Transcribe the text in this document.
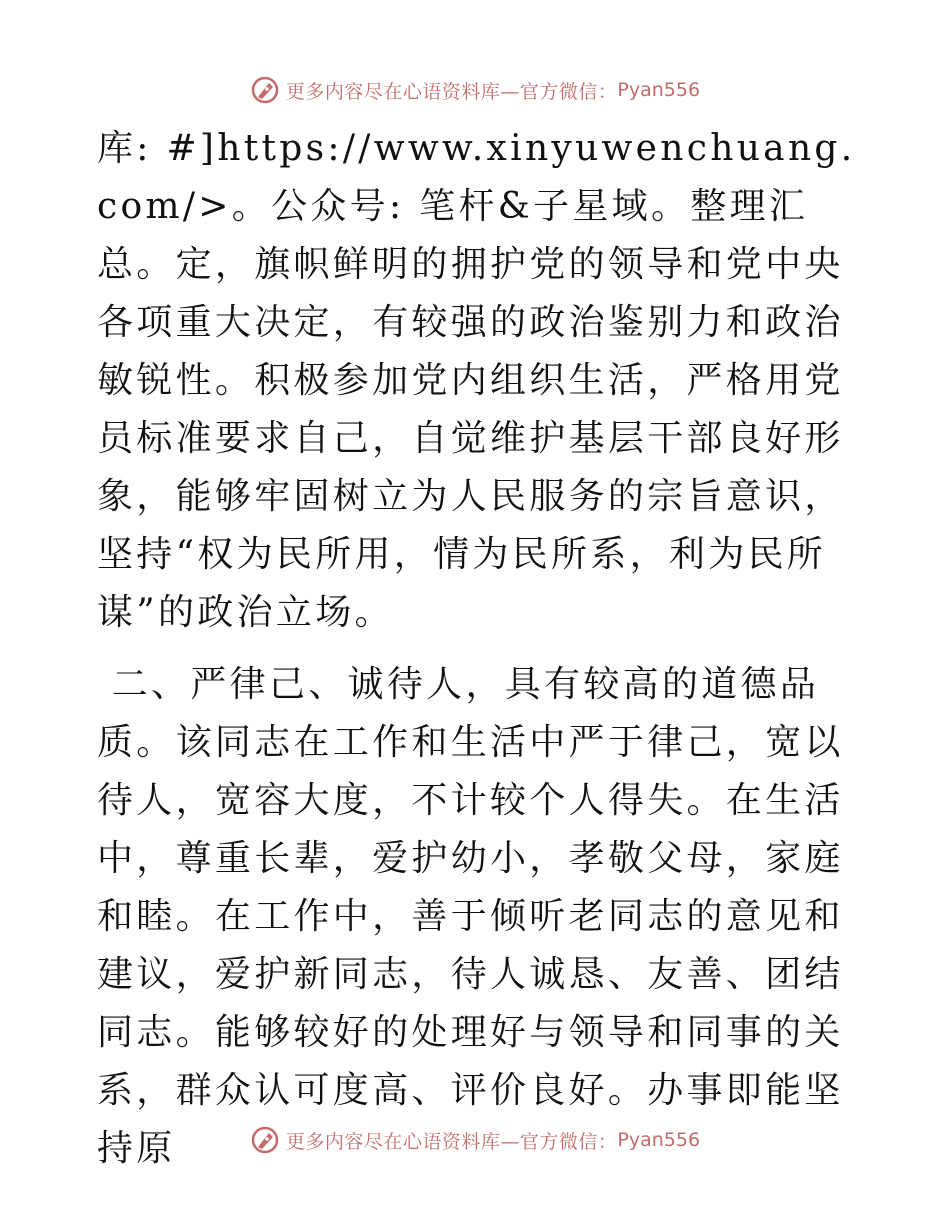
更多内容尽在心语资料库—官方微信： Pyan556

库: #]https://www.xinyuwenchuang.com/>。公众号: 笔杆&子星域。整理汇总。定，旗帜鲜明的拥护党的领导和党中央各项重大决定，有较强的政治鉴别力和政治敏锐性。积极参加党内组织生活，严格用党员标准要求自己，自觉维护基层干部良好形象，能够牢固树立为人民服务的宗旨意识，坚持“权为民所用，情为民所系，利为民所谋”的政治立场。

二、严律己、诚待人，具有较高的道德品质。该同志在工作和生活中严于律己，宽以待人，宽容大度，不计较个人得失。在生活中，尊重长辈，爱护幼小，孝敬父母，家庭和睦。在工作中，善于倾听老同志的意见和建议，爱护新同志，待人诚恳、友善、团结同志。能够较好的处理好与领导和同事的关系，群众认可度高、评价良好。办事即能坚持原	更多内容尽在心语资料库—官方微信： Pyan556
